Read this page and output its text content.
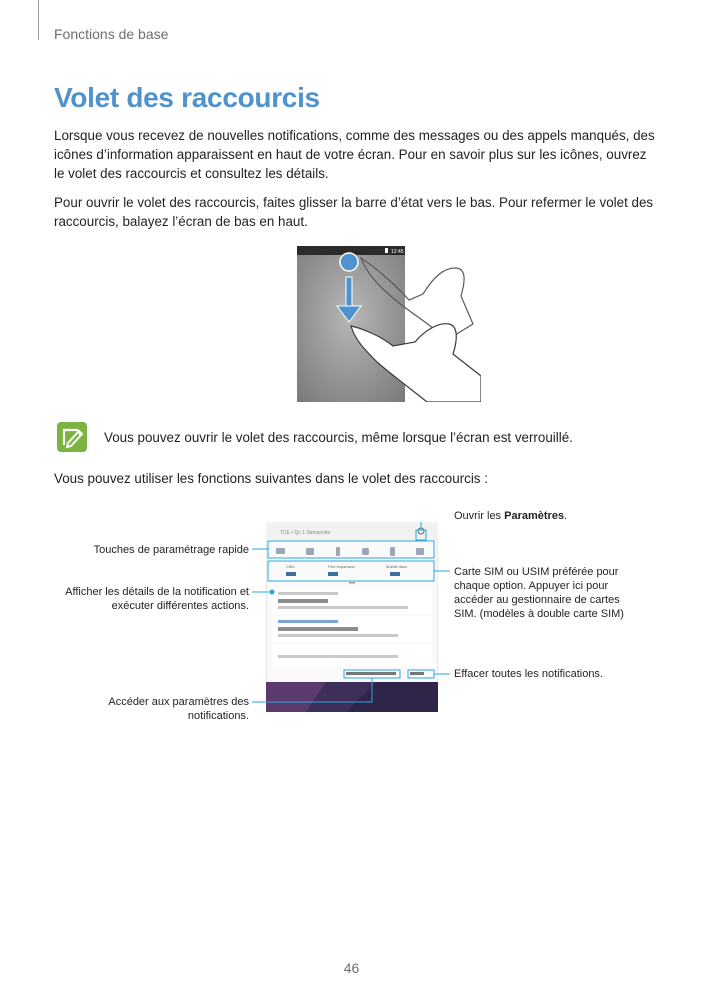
Fonctions de base
Volet des raccourcis
Lorsque vous recevez de nouvelles notifications, comme des messages ou des appels manqués, des icônes d’information apparaissent en haut de votre écran. Pour en savoir plus sur les icônes, ouvrez le volet des raccourcis et consultez les détails.
Pour ouvrir le volet des raccourcis, faites glisser la barre d’état vers le bas. Pour refermer le volet des raccourcis, balayez l’écran de bas en haut.
12:45
Vous pouvez ouvrir le volet des raccourcis, même lorsque l’écran est verrouillé.
Vous pouvez utiliser les fonctions suivantes dans le volet des raccourcis :
TCE • Qc 1 Samsonite
CMo	Flex expansion	Mobile data
Ouvrir les Paramètres.
Touches de paramétrage rapide
Afficher les détails de la notification et exécuter différentes actions.
Carte SIM ou USIM préférée pour chaque option. Appuyer ici pour accéder au gestionnaire de cartes SIM. (modèles à double carte SIM)
Effacer toutes les notifications.
Accéder aux paramètres des notifications.
46
